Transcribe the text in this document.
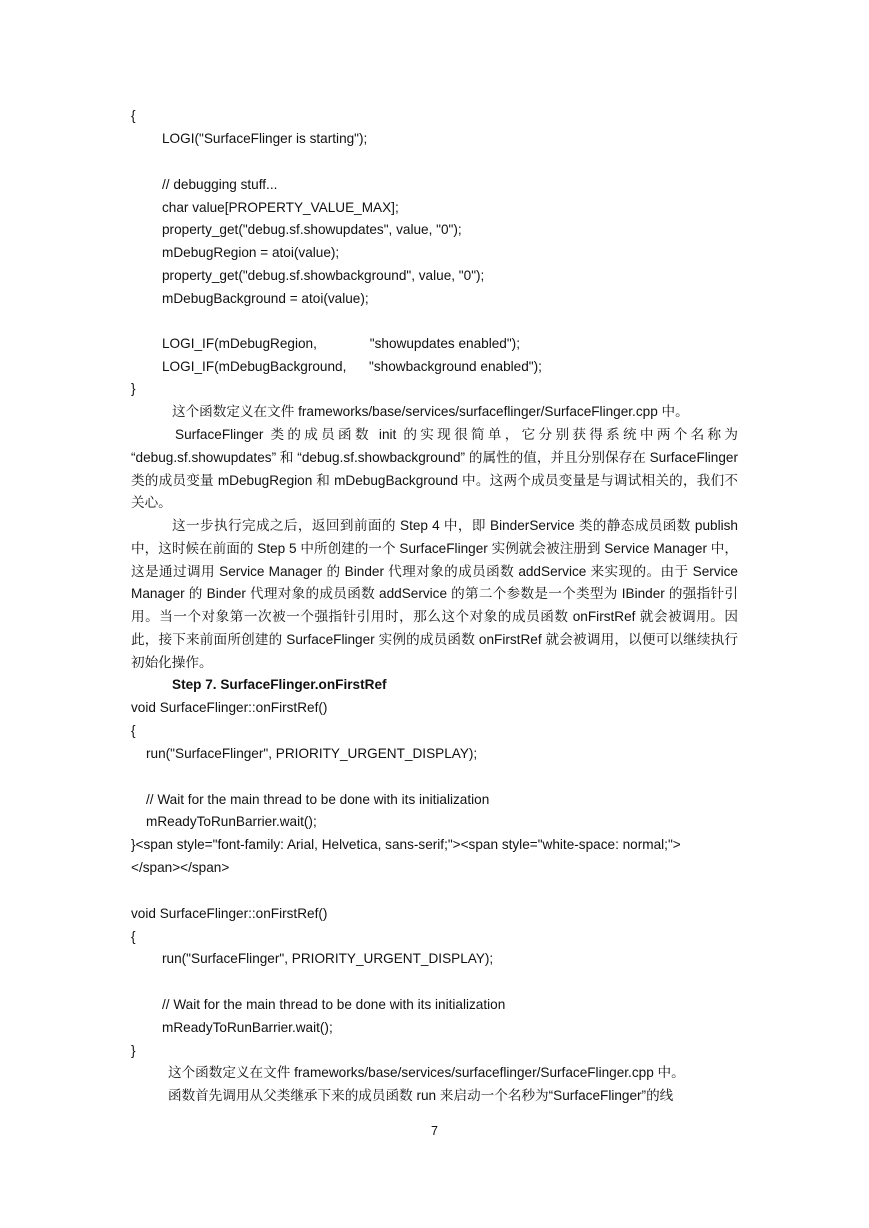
{
LOGI("SurfaceFlinger is starting");
// debugging stuff...
char value[PROPERTY_VALUE_MAX];
property_get("debug.sf.showupdates", value, "0");
mDebugRegion = atoi(value);
property_get("debug.sf.showbackground", value, "0");
mDebugBackground = atoi(value);
LOGI_IF(mDebugRegion,              "showupdates enabled");
LOGI_IF(mDebugBackground,      "showbackground enabled");
}
这个函数定义在文件 frameworks/base/services/surfaceflinger/SurfaceFlinger.cpp 中。
SurfaceFlinger 类的成员函数 init 的实现很简单，它分别获得系统中两个名称为 “debug.sf.showupdates” 和 “debug.sf.showbackground” 的属性的值，并且分别保存在 SurfaceFlinger 类的成员变量 mDebugRegion 和 mDebugBackground 中。这两个成员变量是与调试相关的，我们不关心。
这一步执行完成之后，返回到前面的 Step 4 中，即 BinderService 类的静态成员函数 publish 中，这时候在前面的 Step 5 中所创建的一个 SurfaceFlinger 实例就会被注册到 Service Manager 中，这是通过调用 Service Manager 的 Binder 代理对象的成员函数 addService 来实现的。由于 Service Manager 的 Binder 代理对象的成员函数 addService 的第二个参数是一个类型为 IBinder 的强指针引用。当一个对象第一次被一个强指针引用时，那么这个对象的成员函数 onFirstRef 就会被调用。因此，接下来前面所创建的 SurfaceFlinger 实例的成员函数 onFirstRef 就会被调用，以便可以继续执行初始化操作。
Step 7. SurfaceFlinger.onFirstRef
void SurfaceFlinger::onFirstRef()
{
run("SurfaceFlinger", PRIORITY_URGENT_DISPLAY);
// Wait for the main thread to be done with its initialization
mReadyToRunBarrier.wait();
}<span style="font-family: Arial, Helvetica, sans-serif;"><span style="white-space: normal;">
</span></span>
void SurfaceFlinger::onFirstRef()
{
run("SurfaceFlinger", PRIORITY_URGENT_DISPLAY);
// Wait for the main thread to be done with its initialization
mReadyToRunBarrier.wait();
}
这个函数定义在文件 frameworks/base/services/surfaceflinger/SurfaceFlinger.cpp 中。
函数首先调用从父类继承下来的成员函数 run 来启动一个名秒为“SurfaceFlinger”的线
7
